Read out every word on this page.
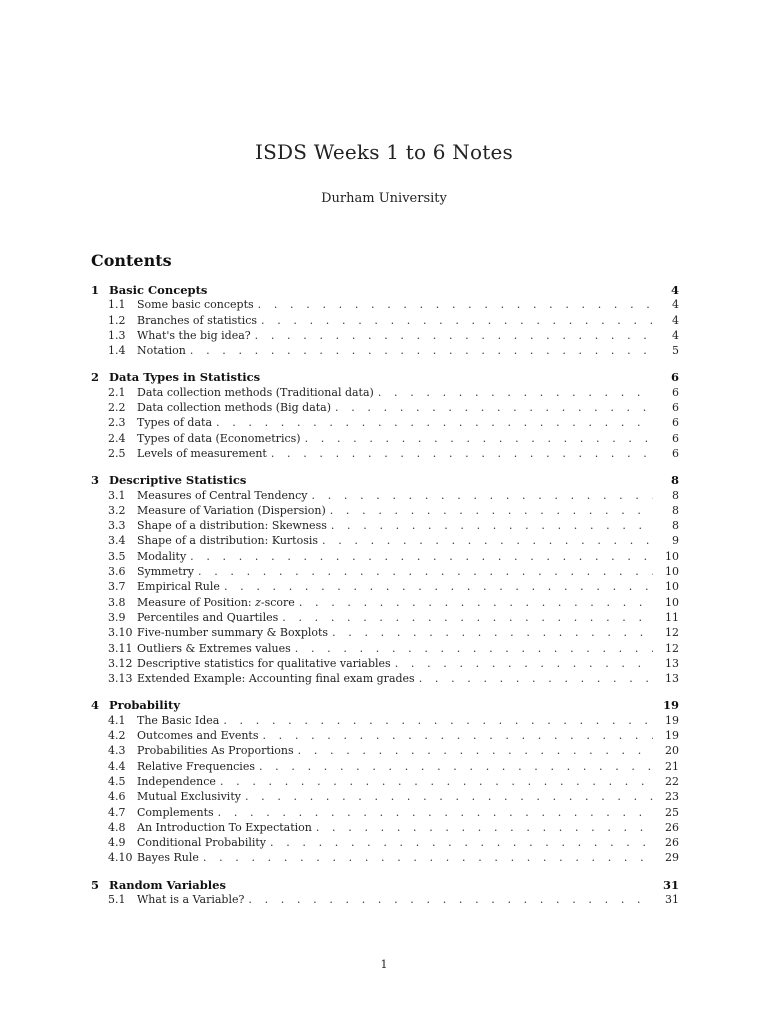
ISDS Weeks 1 to 6 Notes
Durham University
Contents
1 Basic Concepts	4
1.1	Some basic concepts . . .	4
1.2	Branches of statistics . . .	4
1.3	What's the big idea? . . .	4
1.4	Notation . . .	5
2 Data Types in Statistics	6
2.1	Data collection methods (Traditional data) . . .	6
2.2	Data collection methods (Big data) . . .	6
2.3	Types of data . . .	6
2.4	Types of data (Econometrics) . . .	6
2.5	Levels of measurement . . .	6
3 Descriptive Statistics	8
3.1	Measures of Central Tendency . . .	8
3.2	Measure of Variation (Dispersion) . . .	8
3.3	Shape of a distribution: Skewness . . .	8
3.4	Shape of a distribution: Kurtosis . . .	9
3.5	Modality . . .	10
3.6	Symmetry . . .	10
3.7	Empirical Rule . . .	10
3.8	Measure of Position: z-score . . .	10
3.9	Percentiles and Quartiles . . .	11
3.10 Five-number summary & Boxplots . . .	12
3.11 Outliers & Extremes values . . .	12
3.12 Descriptive statistics for qualitative variables . . .	13
3.13 Extended Example: Accounting final exam grades . . .	13
4 Probability	19
4.1	The Basic Idea . . .	19
4.2	Outcomes and Events . . .	19
4.3	Probabilities As Proportions . . .	20
4.4	Relative Frequencies . . .	21
4.5	Independence . . .	22
4.6	Mutual Exclusivity . . .	23
4.7	Complements . . .	25
4.8	An Introduction To Expectation . . .	26
4.9	Conditional Probability . . .	26
4.10 Bayes Rule . . .	29
5 Random Variables	31
5.1	What is a Variable? . . .	31
1
